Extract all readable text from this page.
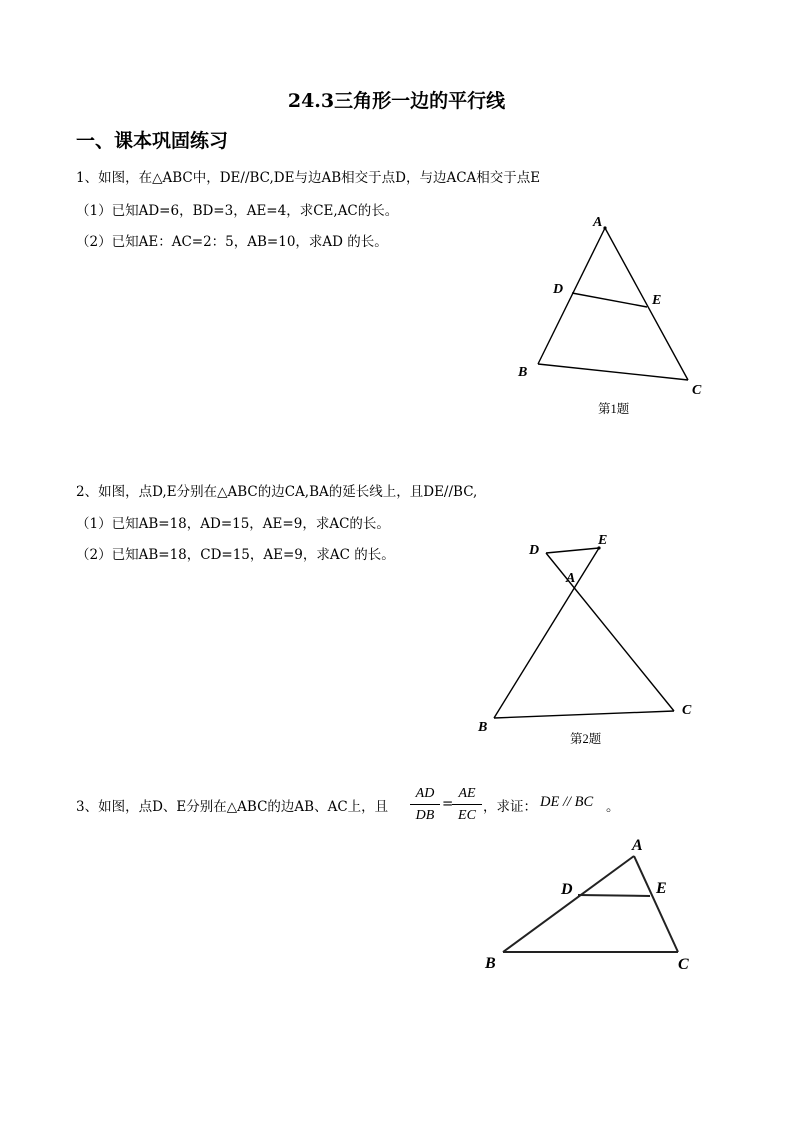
24.3三角形一边的平行线
一、课本巩固练习
1、如图，在△ABC中，DE//BC,DE与边AB相交于点D，与边ACA相交于点E
（1）已知AD=6，BD=3，AE=4，求CE,AC的长。
（2）已知AE：AC=2：5，AB=10，求AD 的长。
A
D
E
B
C
第1题
2、如图，点D,E分别在△ABC的边CA,BA的延长线上，且DE//BC,
（1）已知AB=18，AD=15，AE=9，求AC的长。
（2）已知AB=18，CD=15，AE=9，求AC 的长。	D
E
A
B
C
第2题
3、如图，点D、E分别在△ABC的边AB、AC上，且 $\frac{AD}{DB}$ =
$\frac{AE}{EC}$ ，求证： DE // BC 。
A
D	E
B	C
